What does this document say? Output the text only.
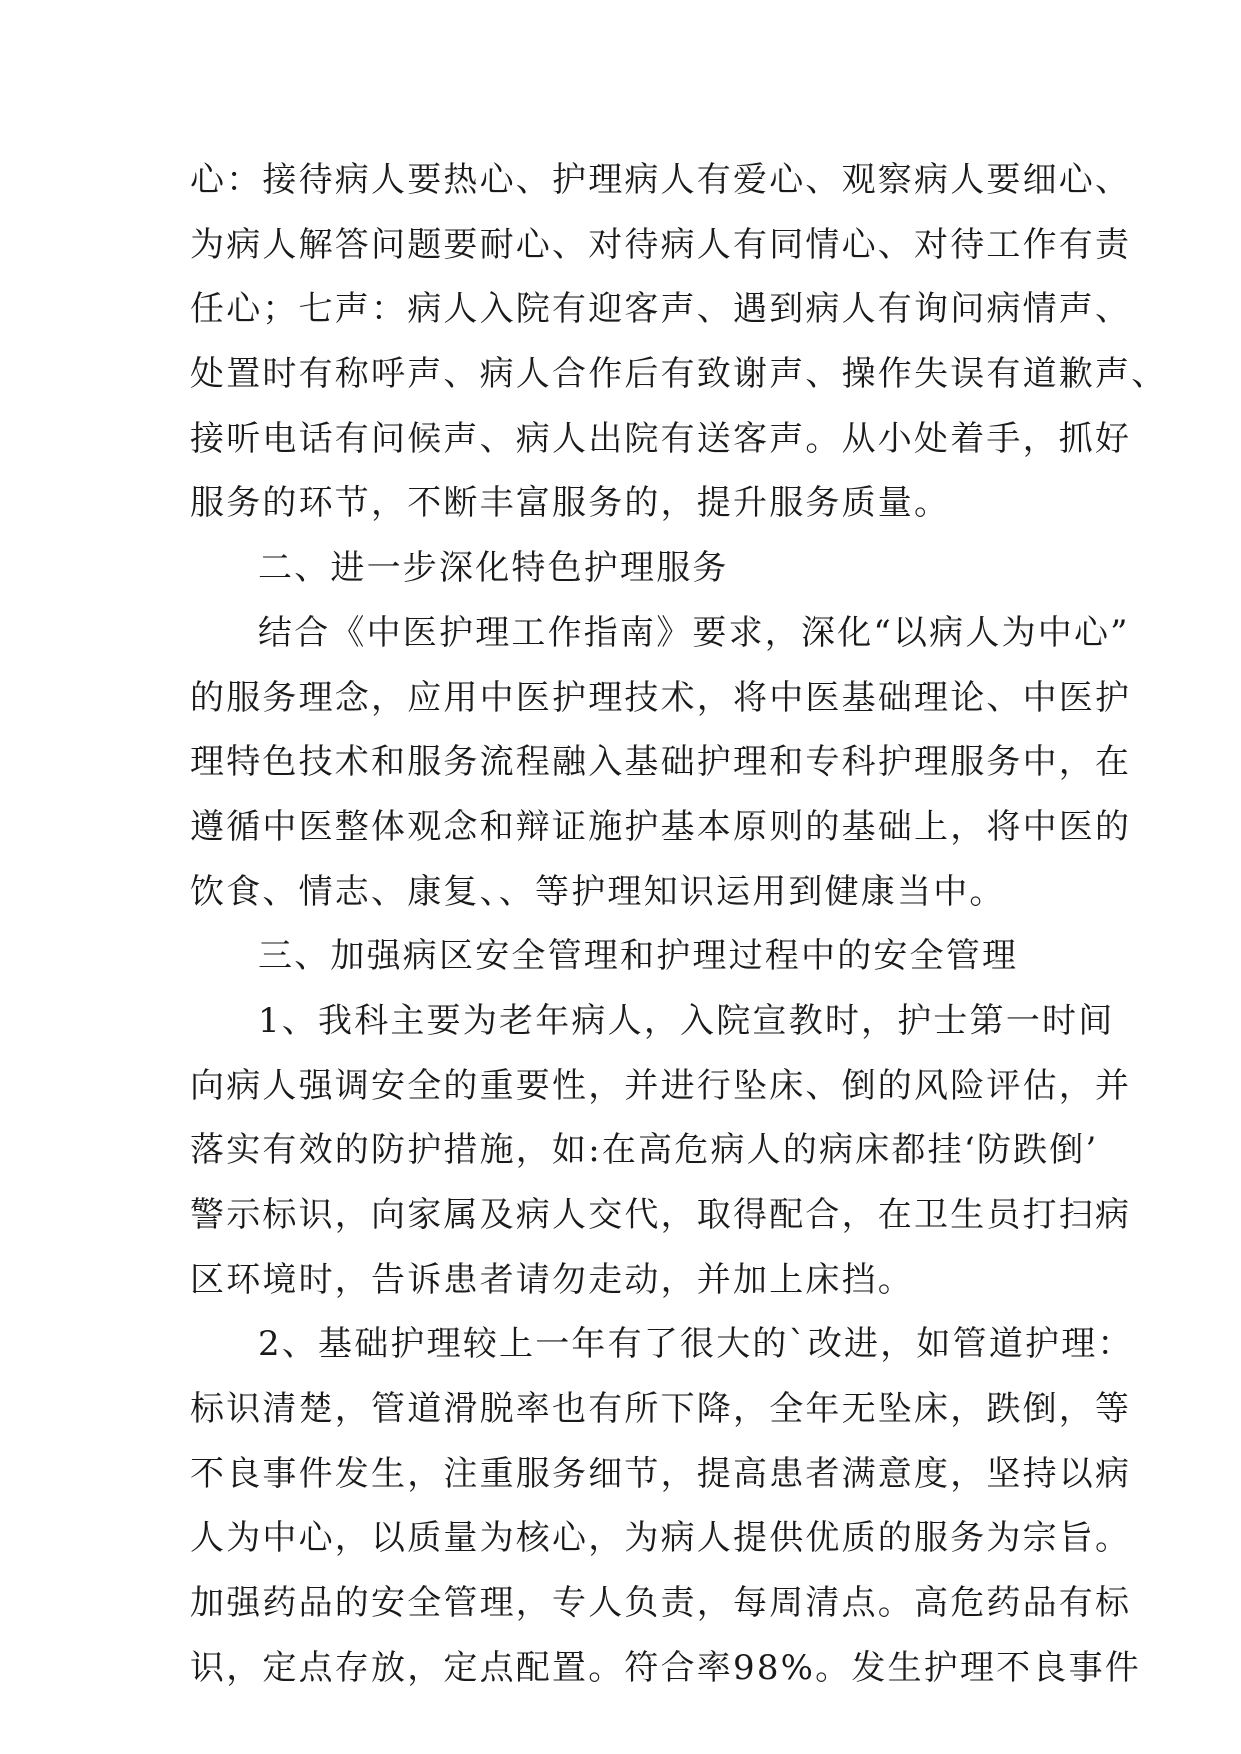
心：接待病人要热心、护理病人有爱心、观察病人要细心、
为病人解答问题要耐心、对待病人有同情心、对待工作有责
任心；七声：病人入院有迎客声、遇到病人有询问病情声、
处置时有称呼声、病人合作后有致谢声、操作失误有道歉声、
接听电话有问候声、病人出院有送客声。从小处着手，抓好
服务的环节，不断丰富服务的，提升服务质量。
二、进一步深化特色护理服务
结合《中医护理工作指南》要求，深化“以病人为中心”
的服务理念，应用中医护理技术，将中医基础理论、中医护
理特色技术和服务流程融入基础护理和专科护理服务中，在
遵循中医整体观念和辩证施护基本原则的基础上，将中医的
饮食、情志、康复、、等护理知识运用到健康当中。
三、加强病区安全管理和护理过程中的安全管理
1、我科主要为老年病人，入院宣教时，护士第一时间
向病人强调安全的重要性，并进行坠床、倒的风险评估，并
落实有效的防护措施，如:在高危病人的病床都挂‘防跌倒’
警示标识，向家属及病人交代，取得配合，在卫生员打扫病
区环境时，告诉患者请勿走动，并加上床挡。
2、基础护理较上一年有了很大的`改进，如管道护理：
标识清楚，管道滑脱率也有所下降，全年无坠床，跌倒，等
不良事件发生，注重服务细节，提高患者满意度，坚持以病
人为中心，以质量为核心，为病人提供优质的服务为宗旨。
加强药品的安全管理，专人负责，每周清点。高危药品有标
识，定点存放，定点配置。符合率98%。发生护理不良事件
